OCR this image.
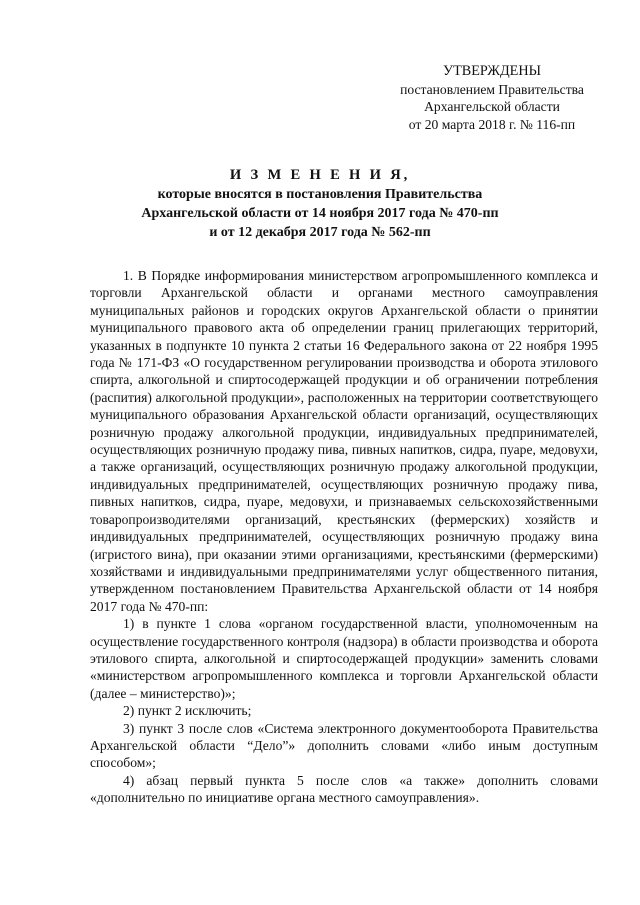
УТВЕРЖДЕНЫ
постановлением Правительства
Архангельской области
от 20 марта 2018 г. № 116-пп
И З М Е Н Е Н И Я,
которые вносятся в постановления Правительства
Архангельской области от 14 ноября 2017 года № 470-пп
и от 12 декабря 2017 года № 562-пп

1. В Порядке информирования министерством агропромышленного комплекса и торговли Архангельской области и органами местного самоуправления муниципальных районов и городских округов Архангельской области о принятии муниципального правового акта об определении границ прилегающих территорий, указанных в подпункте 10 пункта 2 статьи 16 Федерального закона от 22 ноября 1995 года № 171-ФЗ «О государственном регулировании производства и оборота этилового спирта, алкогольной и спиртосодержащей продукции и об ограничении потребления (распития) алкогольной продукции», расположенных на территории соответствующего муниципального образования Архангельской области организаций, осуществляющих розничную продажу алкогольной продукции, индивидуальных предпринимателей, осуществляющих розничную продажу пива, пивных напитков, сидра, пуаре, медовухи, а также организаций, осуществляющих розничную продажу алкогольной продукции, индивидуальных предпринимателей, осуществляющих розничную продажу пива, пивных напитков, сидра, пуаре, медовухи, и признаваемых сельскохозяйственными товаропроизводителями организаций, крестьянских (фермерских) хозяйств и индивидуальных предпринимателей, осуществляющих розничную продажу вина (игристого вина), при оказании этими организациями, крестьянскими (фермерскими) хозяйствами и индивидуальными предпринимателями услуг общественного питания, утвержденном постановлением Правительства Архангельской области от 14 ноября 2017 года № 470-пп:

1) в пункте 1 слова «органом государственной власти, уполномоченным на осуществление государственного контроля (надзора) в области производства и оборота этилового спирта, алкогольной и спиртосодержащей продукции» заменить словами «министерством агропромышленного комплекса и торговли Архангельской области (далее – министерство)»;

2) пункт 2 исключить;

3) пункт 3 после слов «Система электронного документооборота Правительства Архангельской области “Дело”» дополнить словами «либо иным доступным способом»;

4) абзац первый пункта 5 после слов «а также» дополнить словами «дополнительно по инициативе органа местного самоуправления».
